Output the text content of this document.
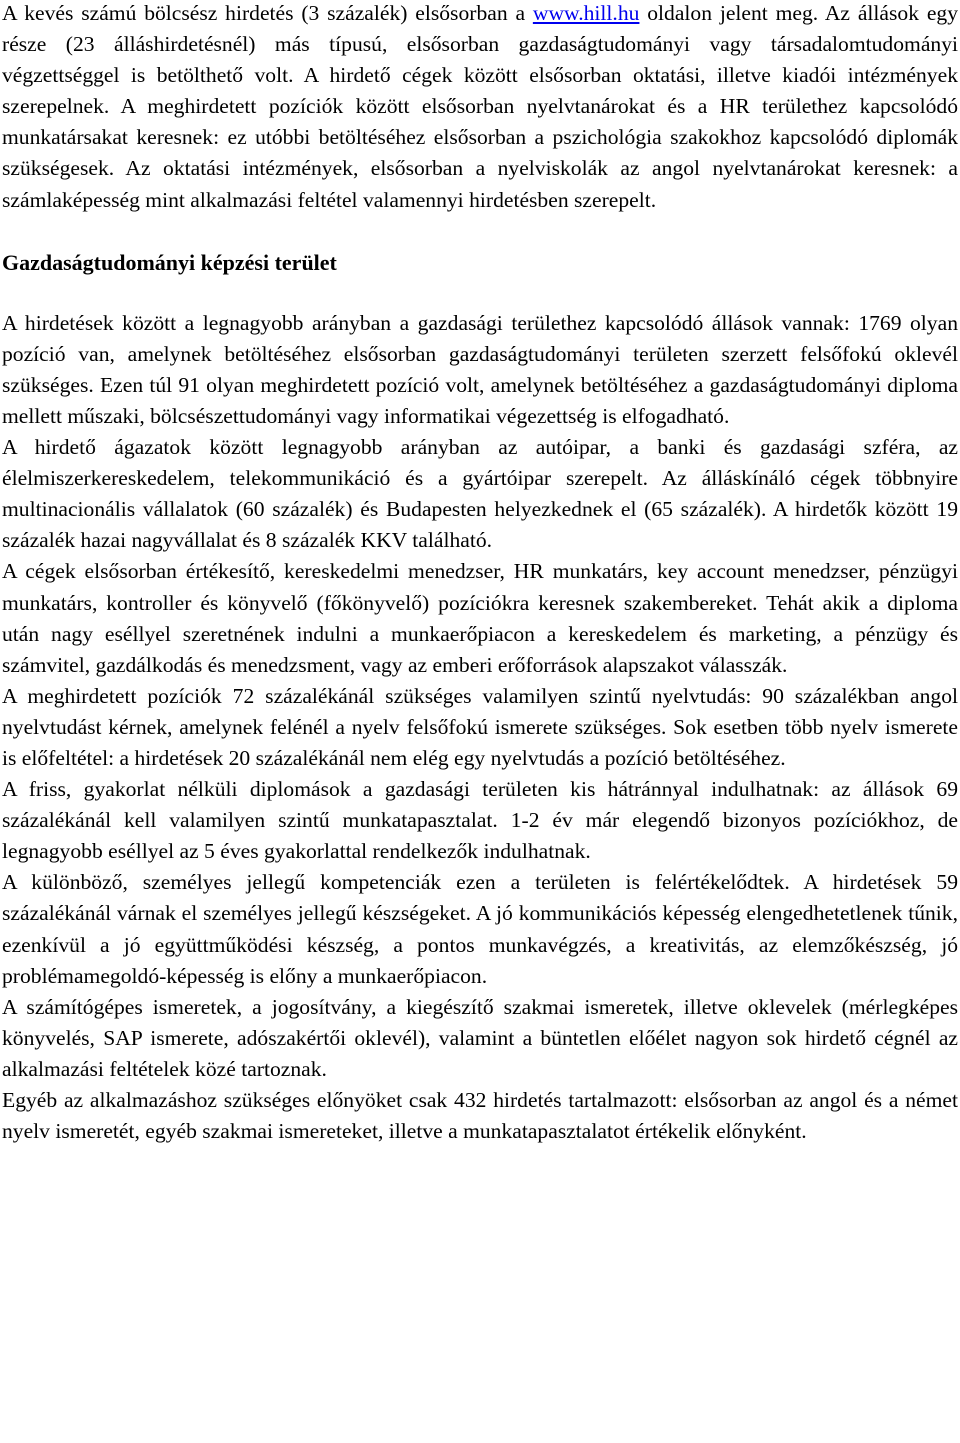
A kevés számú bölcsész hirdetés (3 százalék) elsősorban a www.hill.hu oldalon jelent meg. Az állások egy része (23 álláshirdetésnél) más típusú, elsősorban gazdaságtudományi vagy társadalomtudományi végzettséggel is betölthető volt. A hirdető cégek között elsősorban oktatási, illetve kiadói intézmények szerepelnek. A meghirdetett pozíciók között elsősorban nyelvtanárokat és a HR területhez kapcsolódó munkatársakat keresnek: ez utóbbi betöltéséhez elsősorban a pszichológia szakokhoz kapcsolódó diplomák szükségesek. Az oktatási intézmények, elsősorban a nyelviskolák az angol nyelvtanárokat keresnek: a számlaképesség mint alkalmazási feltétel valamennyi hirdetésben szerepelt.

Gazdaságtudományi képzési terület

A hirdetések között a legnagyobb arányban a gazdasági területhez kapcsolódó állások vannak: 1769 olyan pozíció van, amelynek betöltéséhez elsősorban gazdaságtudományi területen szerzett felsőfokú oklevél szükséges. Ezen túl 91 olyan meghirdetett pozíció volt, amelynek betöltéséhez a gazdaságtudományi diploma mellett műszaki, bölcsészettudományi vagy informatikai végezettség is elfogadható.

A hirdető ágazatok között legnagyobb arányban az autóipar, a banki és gazdasági szféra, az élelmiszerkereskedelem, telekommunikáció és a gyártóipar szerepelt. Az álláskínáló cégek többnyire multinacionális vállalatok (60 százalék) és Budapesten helyezkednek el (65 százalék). A hirdetők között 19 százalék hazai nagyvállalat és 8 százalék KKV található.

A cégek elsősorban értékesítő, kereskedelmi menedzser, HR munkatárs, key account menedzser, pénzügyi munkatárs, kontroller és könyvelő (főkönyvelő) pozíciókra keresnek szakembereket. Tehát akik a diploma után nagy eséllyel szeretnének indulni a munkaerőpiacon a kereskedelem és marketing, a pénzügy és számvitel, gazdálkodás és menedzsment, vagy az emberi erőforrások alapszakot válasszák.

A meghirdetett pozíciók 72 százalékánál szükséges valamilyen szintű nyelvtudás: 90 százalékban angol nyelvtudást kérnek, amelynek felénél a nyelv felsőfokú ismerete szükséges. Sok esetben több nyelv ismerete is előfeltétel: a hirdetések 20 százalékánál nem elég egy nyelvtudás a pozíció betöltéséhez.

A friss, gyakorlat nélküli diplomások a gazdasági területen kis hátránnyal indulhatnak: az állások 69 százalékánál kell valamilyen szintű munkatapasztalat. 1-2 év már elegendő bizonyos pozíciókhoz, de legnagyobb eséllyel az 5 éves gyakorlattal rendelkezők indulhatnak.

A különböző, személyes jellegű kompetenciák ezen a területen is felértékelődtek. A hirdetések 59 százalékánál várnak el személyes jellegű készségeket. A jó kommunikációs képesség elengedhetetlenek tűnik, ezenkívül a jó együttműködési készség, a pontos munkavégzés, a kreativitás, az elemzőkészség, jó problémamegoldó-képesség is előny a munkaerőpiacon.

A számítógépes ismeretek, a jogosítvány, a kiegészítő szakmai ismeretek, illetve oklevelek (mérlegképes könyvelés, SAP ismerete, adószakértői oklevél), valamint a büntetlen előélet nagyon sok hirdető cégnél az alkalmazási feltételek közé tartoznak.

Egyéb az alkalmazáshoz szükséges előnyöket csak 432 hirdetés tartalmazott: elsősorban az angol és a német nyelv ismeretét, egyéb szakmai ismereteket, illetve a munkatapasztalatot értékelik előnyként.
